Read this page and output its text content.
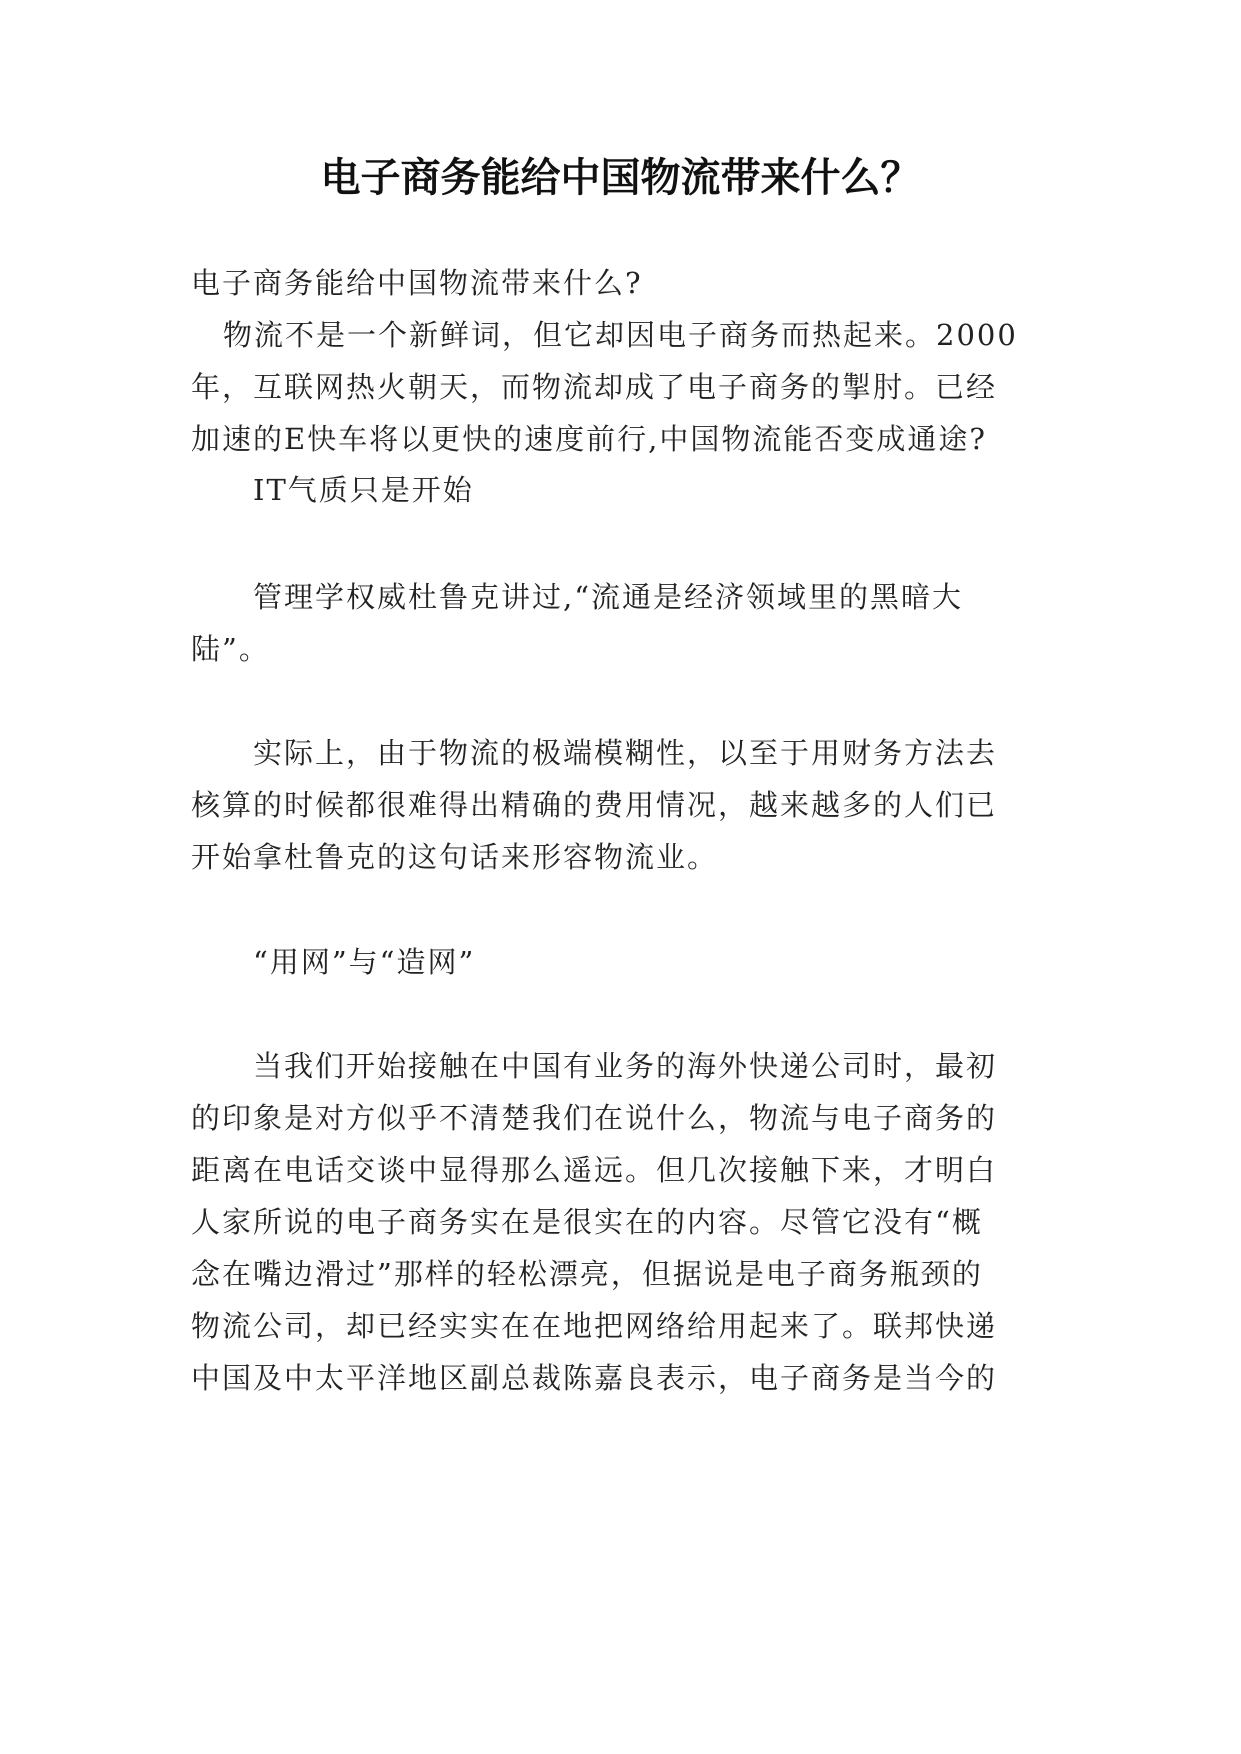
电子商务能给中国物流带来什么？
电子商务能给中国物流带来什么?
物流不是一个新鲜词，但它却因电子商务而热起来。2000
年，互联网热火朝天，而物流却成了电子商务的掣肘。已经
加速的E快车将以更快的速度前行,中国物流能否变成通途?
IT气质只是开始
管理学权威杜鲁克讲过,“流通是经济领域里的黑暗大
陆”。
实际上，由于物流的极端模糊性，以至于用财务方法去
核算的时候都很难得出精确的费用情况，越来越多的人们已
开始拿杜鲁克的这句话来形容物流业。
“用网”与“造网”
当我们开始接触在中国有业务的海外快递公司时，最初
的印象是对方似乎不清楚我们在说什么，物流与电子商务的
距离在电话交谈中显得那么遥远。但几次接触下来，才明白
人家所说的电子商务实在是很实在的内容。尽管它没有“概
念在嘴边滑过”那样的轻松漂亮，但据说是电子商务瓶颈的
物流公司，却已经实实在在地把网络给用起来了。联邦快递
中国及中太平洋地区副总裁陈嘉良表示，电子商务是当今的
